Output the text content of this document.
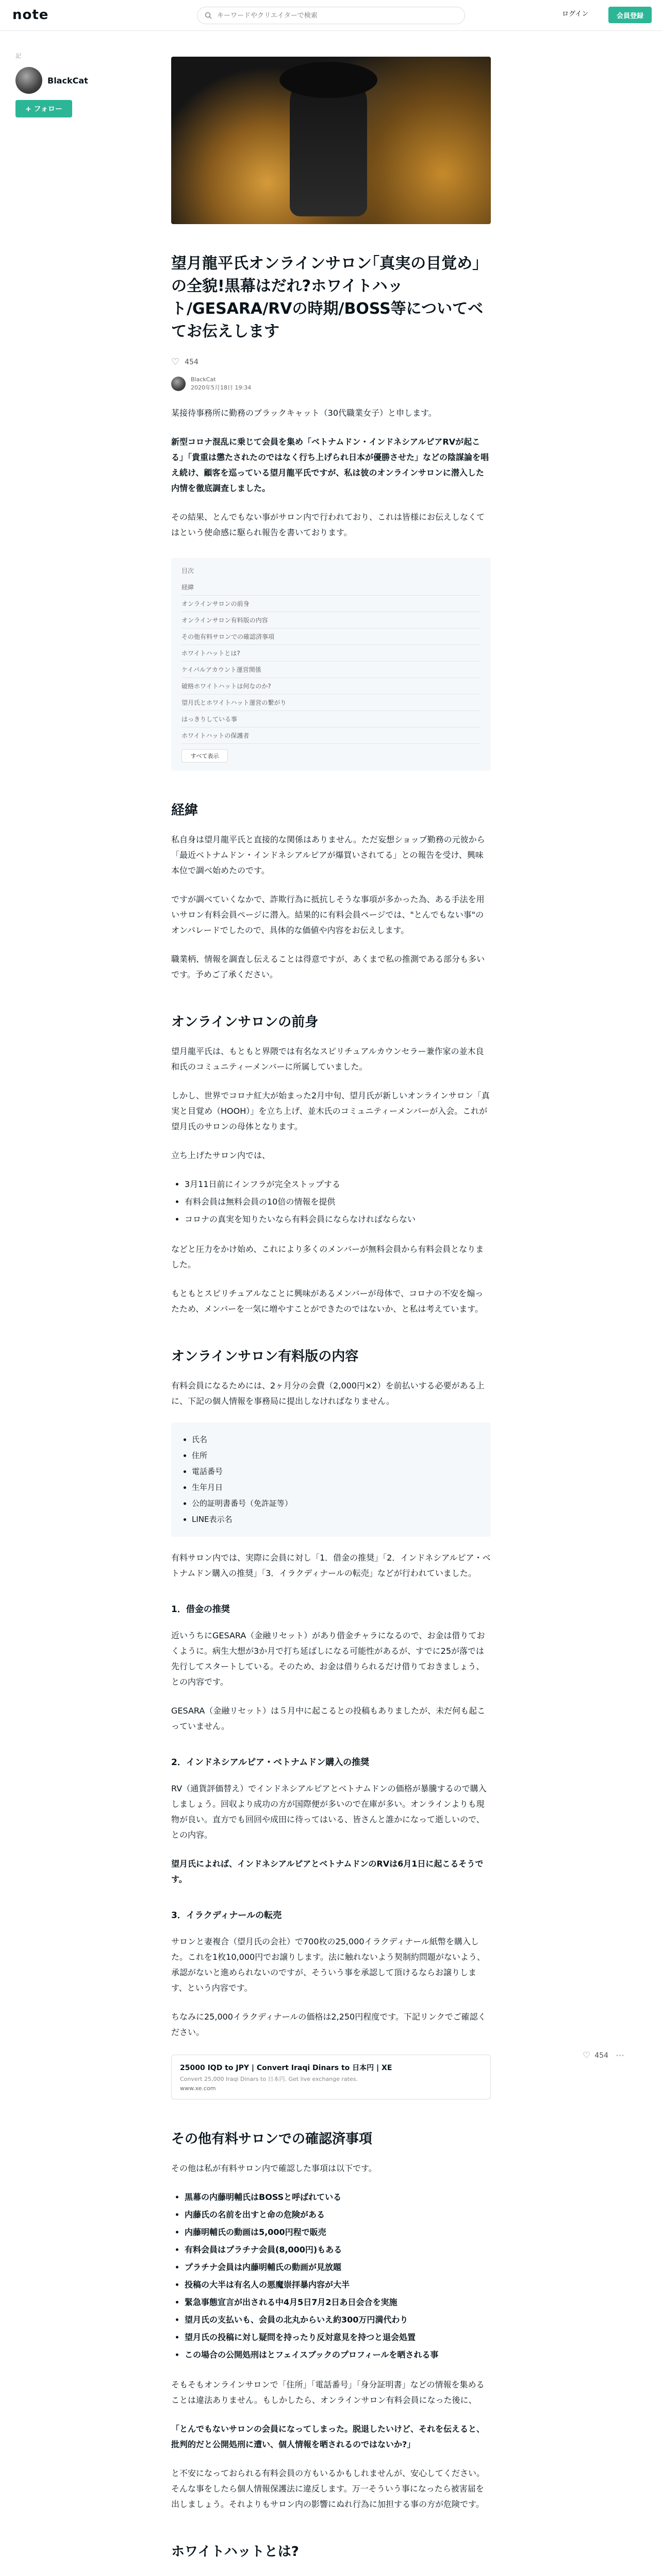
note
キーワードやクリエイターで検索	ログイン	会員登録
記
BlackCat
+ フォロー
望月龍平氏オンラインサロン｢真実の目覚め｣の全貌!黒幕はだれ?ホワイトハット/GESARA/RVの時期/BOSS等についてベてお伝えします
♡ 454
BlackCat
2020年5月18日 19:34

某接待事務所に勤務のブラックキャット（30代職業女子）と申します。

新型コロナ混乱に乗じて会員を集め「ベトナムドン・インドネシアルピアRVが起こる」「貴重は懲たされたのではなく行ち上げられ日本が優勝させた」などの陰謀論を唱え続け、顧客を巡っている望月龍平氏ですが、私は彼のオンラインサロンに潜入した内情を徹底調査しました。

その結果、とんでもない事がサロン内で行われており、これは皆様にお伝えしなくてはという使命感に駆られ報告を書いております。

目次
経緯
オンラインサロンの前身
オンラインサロン有料版の内容
その他有料サロンでの確認済事項
ホワイトハットとは?
ケイパルアカウント運営関係
破格ホワイトハットは何なのか?
望月氏とホワイトハット運営の繋がり
はっきりしている事
ホワイトハットの保護者
すべて表示
経緯

私自身は望月龍平氏と直接的な関係はありません。ただ妄想ショップ勤務の元彼から「最近ベトナムドン・インドネシアルピアが爆買いされてる」との報告を受け、興味本位で調べ始めたのです。

ですが調べていくなかで、詐欺行為に抵抗しそうな事項が多かった為、ある手法を用いサロン有料会員ページに潜入。結果的に有料会員ページでは、"とんでもない事"のオンパレードでしたので、具体的な価値や内容をお伝えします。

職業柄、情報を調査し伝えることは得意ですが、あくまで私の推測である部分も多いです。予めご了承ください。

オンラインサロンの前身

望月龍平氏は、もともと界隈では有名なスピリチュアルカウンセラー兼作家の並木良和氏のコミュニティーメンバーに所属していました。

しかし、世界でコロナ紅大が始まった2月中旬、望月氏が新しいオンラインサロン「真実と目覚め（HOOH）」を立ち上げ、並木氏のコミュニティーメンバーが入会。これが望月氏のサロンの母体となります。

立ち上げたサロン内では、

• 3月11日前にインフラが完全ストップする
• 有料会員は無料会員の10倍の情報を提供
• コロナの真実を知りたいなら有料会員にならなければならない

などと圧力をかけ始め、これにより多くのメンバーが無料会員から有料会員となりました。

もともとスピリチュアルなことに興味があるメンバーが母体で、コロナの不安を煽ったため、メンバーを一気に増やすことができたのではないか、と私は考えています。

オンラインサロン有料版の内容

有料会員になるためには、2ヶ月分の会費（2,000円×2）を前払いする必要がある上に、下記の個人情報を事務局に提出しなければなりません。

• 氏名
• 住所
• 電話番号
• 生年月日
• 公的証明書番号（免許証等）
• LINE表示名

有料サロン内では、実際に会員に対し「1．借金の推奨」「2．インドネシアルピア・ベトナムドン購入の推奨」「3．イラクディナールの転売」などが行われていました。

1．借金の推奨

近いうちにGESARA（金融リセット）があり借金チャラになるので、お金は借りておくように。病生大想が3か月で打ち延ばしになる可能性があるが、すでに25が落では先行してスタートしている。そのため、お金は借りられるだけ借りておきましょう、との内容です。

GESARA（金融リセット）は５月中に起こるとの投稿もありましたが、未だ何も起こっていません。

2．インドネシアルピア・ベトナムドン購入の推奨

RV（通貨評価替え）でインドネシアルピアとベトナムドンの価格が暴騰するので購入しましょう。回収より成功の方が国際便が多いので在庫が多い。オンラインよりも現物が良い。直方でも回回や成田に待ってはいる、皆さんと誰かになって逝しいので、との内容。

望月氏によれば、インドネシアルピアとベトナムドンのRVは6月1日に起こるそうです。

3．イラクディナールの転売

サロンと妻複合（望月氏の会社）で700枚の25,000イラクディナール紙幣を購入した。これを1枚10,000円でお譲りします。法に触れないよう契制約問題がないよう、承認がないと進められないのですが、そういう事を承認して頂けるならお譲りします、という内容です。

ちなみに25,000イラクディナールの価格は2,250円程度です。下記リンクでご確認ください。

25000 IQD to JPY | Convert Iraqi Dinars to 日本円 | XE
Convert 25,000 Iraqi Dinars to 日本円. Get live exchange rates.
www.xe.com
その他有料サロンでの確認済事項

その他は私が有料サロン内で確認した事項は以下です。

• 黒幕の内藤明輔氏はBOSSと呼ばれている
• 内藤氏の名前を出すと命の危険がある
• 内藤明輔氏の動画は5,000円程で販売
• 有料会員はプラチナ会員(8,000円)もある
• プラチナ会員は内藤明輔氏の動画が見放題
• 投稿の大半は有名人の悪魔崇拝暴内容が大半
• 緊急事態宣言が出される中4月5日7月2日あ日会合を実施
• 望月氏の支払いも、会員の北丸からいえ約300万円満代わり
• 望月氏の投稿に対し疑問を持ったり反対意見を持つと退会処置
• この場合の公開処刑はとフェイスブックのプロフィールを晒される事

そもそもオンラインサロンで「住所」「電話番号」「身分証明書」などの情報を集めることは違法ありません。もしかしたら、オンラインサロン有料会員になった後に、

「とんでもないサロンの会員になってしまった。脱退したいけど、それを伝えると、批判的だと公開処刑に遭い、個人情報を晒されるのではないか?」

と不安になっておられる有料会員の方もいるかもしれませんが、安心してください。そんな事をしたら個人情報保護法に違反します。万一そういう事になったら被害届を出しましょう。それよりもサロン内の影響にぬれ行為に加担する事の方が危険です。

ホワイトハットとは?

♡ 454 ⋯
